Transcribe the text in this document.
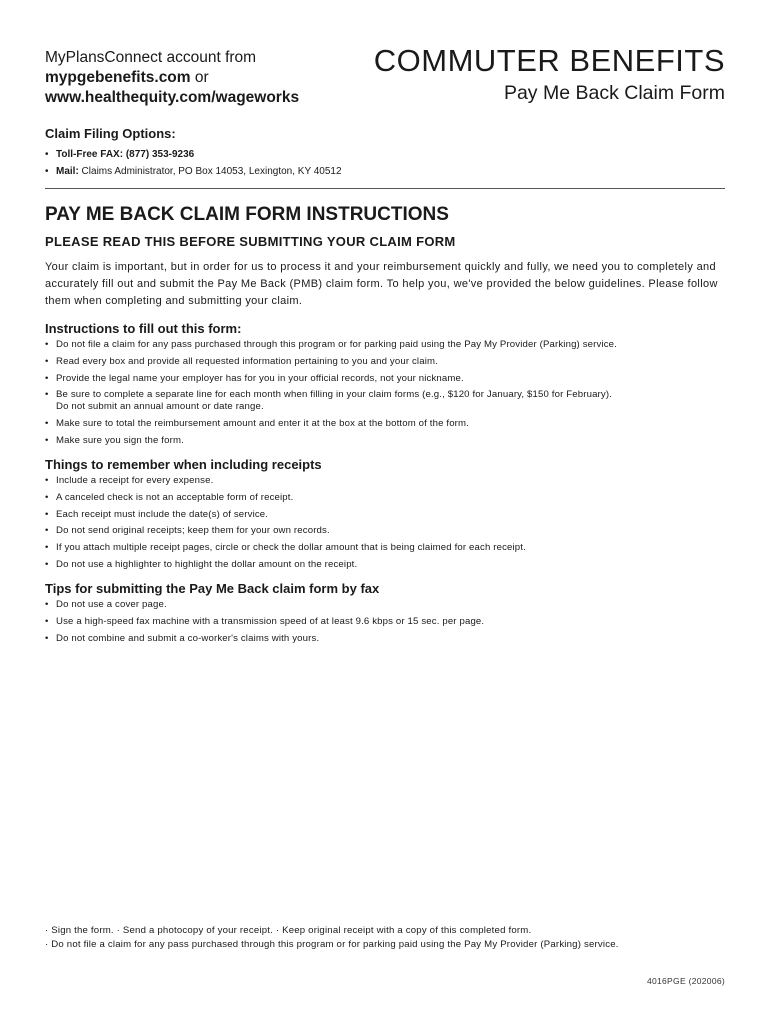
MyPlansConnect account from
mypgebenefits.com or
www.healthequity.com/wageworks
COMMUTER BENEFITS
Pay Me Back Claim Form
Claim Filing Options:
• Toll-Free FAX: (877) 353-9236
• Mail: Claims Administrator, PO Box 14053, Lexington, KY 40512
PAY ME BACK CLAIM FORM INSTRUCTIONS
PLEASE READ THIS BEFORE SUBMITTING YOUR CLAIM FORM

Your claim is important, but in order for us to process it and your reimbursement quickly and fully, we need you to completely and accurately fill out and submit the Pay Me Back (PMB) claim form. To help you, we've provided the below guidelines. Please follow them when completing and submitting your claim.

Instructions to fill out this form:
• Do not file a claim for any pass purchased through this program or for parking paid using the Pay My Provider (Parking) service.
• Read every box and provide all requested information pertaining to you and your claim.
• Provide the legal name your employer has for you in your official records, not your nickname.
• Be sure to complete a separate line for each month when filling in your claim forms (e.g., $120 for January, $150 for February).
Do not submit an annual amount or date range.
• Make sure to total the reimbursement amount and enter it at the box at the bottom of the form.
• Make sure you sign the form.
Things to remember when including receipts
• Include a receipt for every expense.
• A canceled check is not an acceptable form of receipt.
• Each receipt must include the date(s) of service.
• Do not send original receipts; keep them for your own records.
• If you attach multiple receipt pages, circle or check the dollar amount that is being claimed for each receipt.
• Do not use a highlighter to highlight the dollar amount on the receipt.
Tips for submitting the Pay Me Back claim form by fax
• Do not use a cover page.
• Use a high-speed fax machine with a transmission speed of at least 9.6 kbps or 15 sec. per page.
• Do not combine and submit a co-worker's claims with yours.
· Sign the form. · Send a photocopy of your receipt. · Keep original receipt with a copy of this completed form.
· Do not file a claim for any pass purchased through this program or for parking paid using the Pay My Provider (Parking) service.
4016PGE (202006)
